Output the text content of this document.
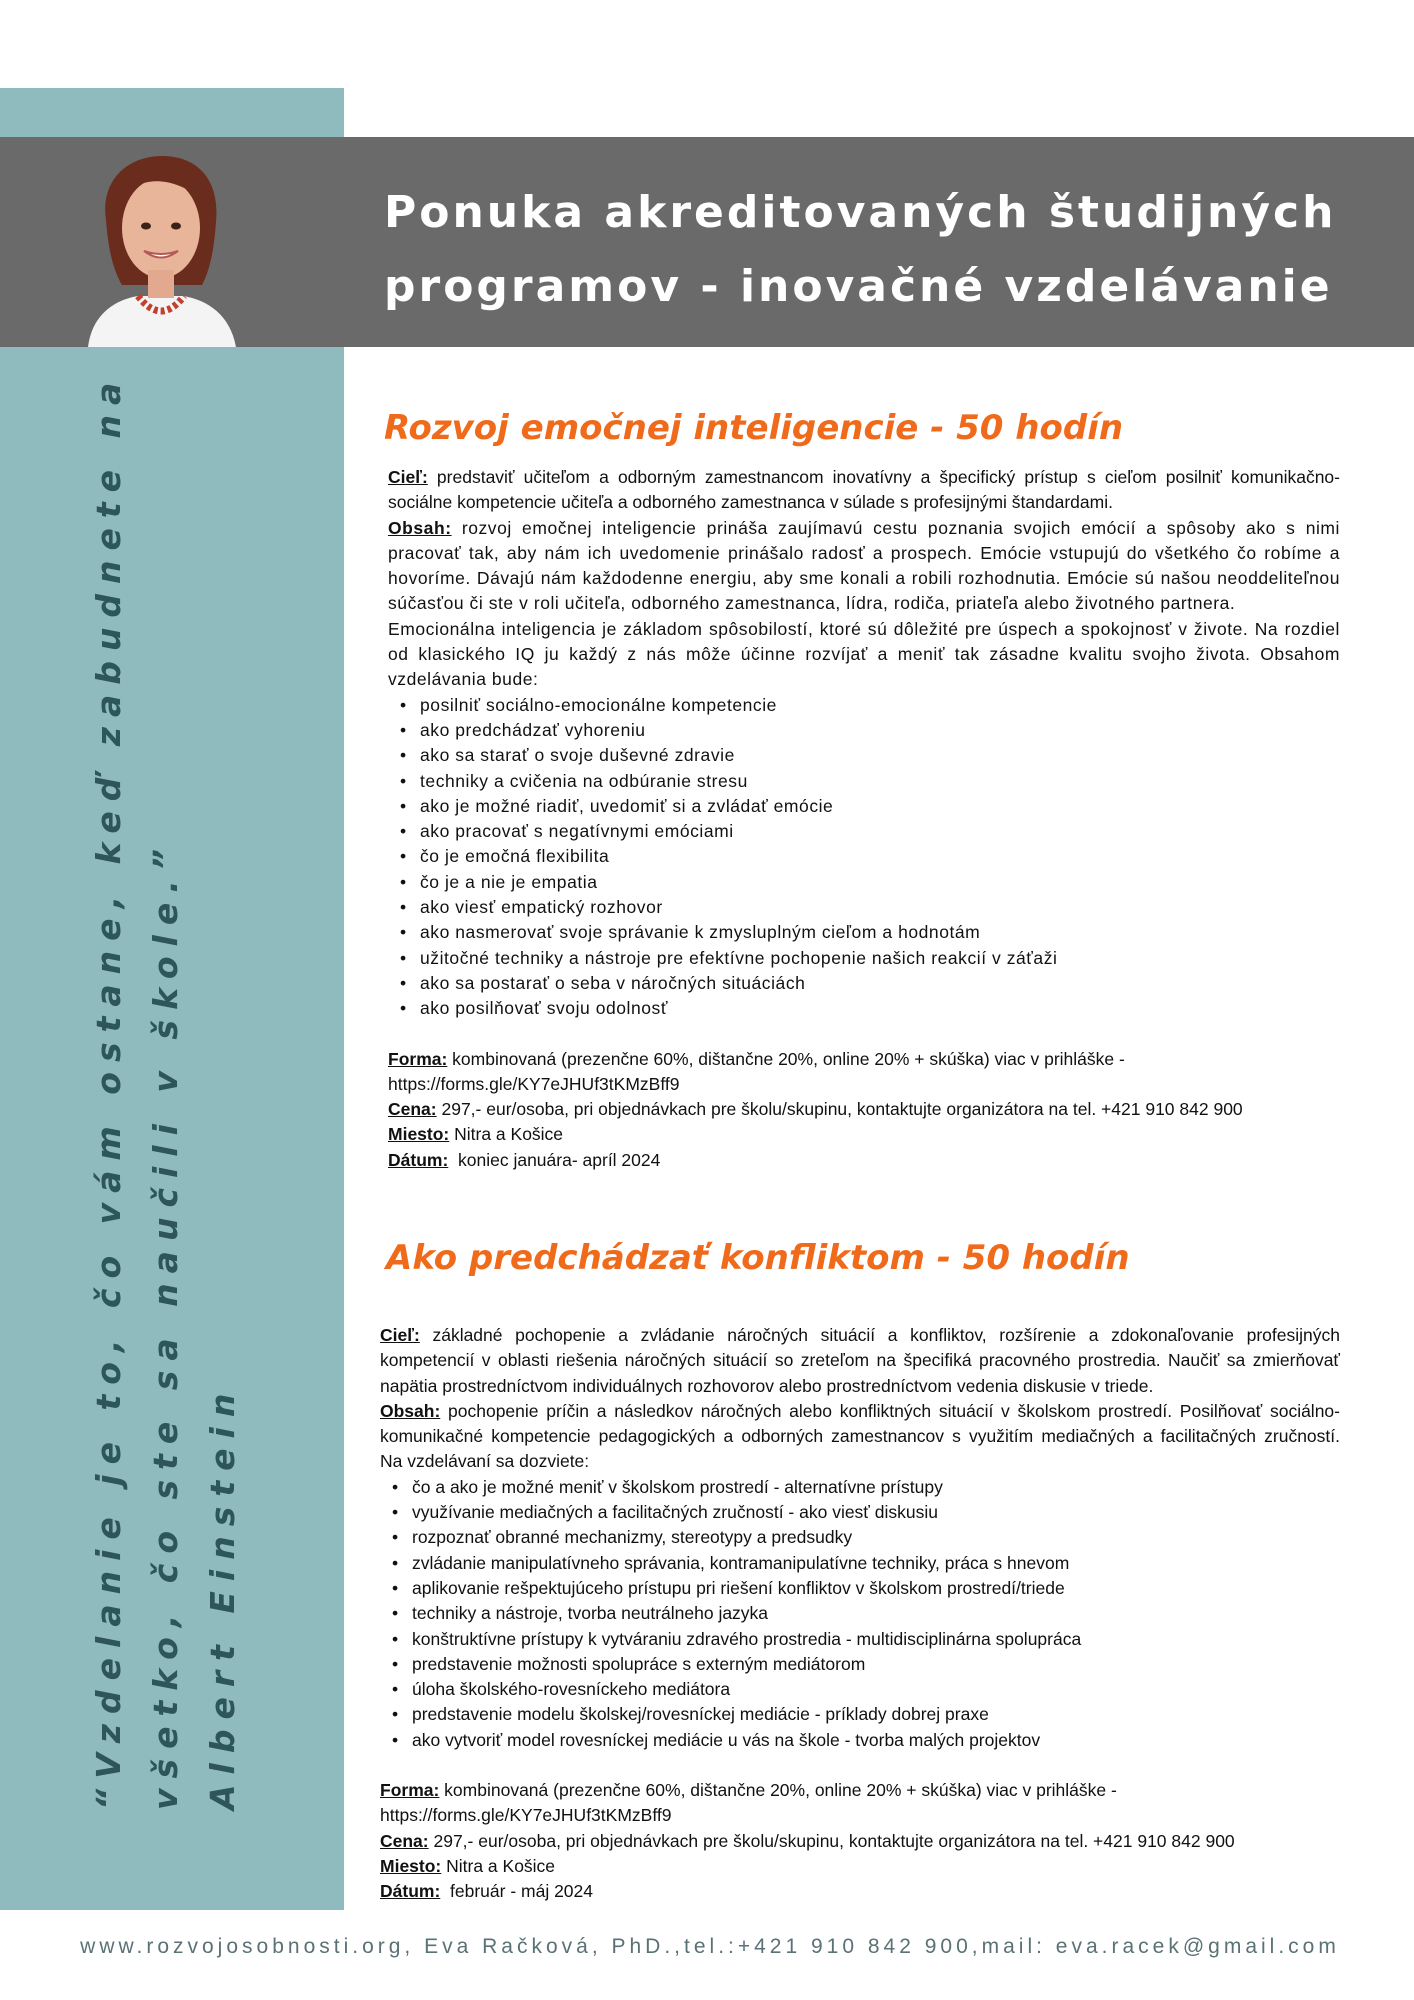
Ponuka akreditovaných študijných
programov - inovačné vzdelávanie
“Vzdelanie je to, čo vám ostane, keď zabudnete na všetko, čo ste sa naučili v škole.” Albert Einstein
Rozvoj emočnej inteligencie - 50 hodín

Cieľ: predstaviť učiteľom a odborným zamestnancom inovatívny a špecifický prístup s cieľom posilniť komunikačno-sociálne kompetencie učiteľa a odborného zamestnanca v súlade s profesijnými štandardami.

Obsah: rozvoj emočnej inteligencie prináša zaujímavú cestu poznania svojich emócií a spôsoby ako s nimi pracovať tak, aby nám ich uvedomenie prinášalo radosť a prospech. Emócie vstupujú do všetkého čo robíme a hovoríme. Dávajú nám každodenne energiu, aby sme konali a robili rozhodnutia. Emócie sú našou neoddeliteľnou súčasťou či ste v roli učiteľa, odborného zamestnanca, lídra, rodiča, priateľa alebo životného partnera.

Emocionálna inteligencia je základom spôsobilostí, ktoré sú dôležité pre úspech a spokojnosť v živote. Na rozdiel od klasického IQ ju každý z nás môže účinne rozvíjať a meniť tak zásadne kvalitu svojho života. Obsahom vzdelávania bude:

• posilniť sociálno-emocionálne kompetencie
• ako predchádzať vyhoreniu
• ako sa starať o svoje duševné zdravie
• techniky a cvičenia na odbúranie stresu
• ako je možné riadiť, uvedomiť si a zvládať emócie
• ako pracovať s negatívnymi emóciami
• čo je emočná flexibilita
• čo je a nie je empatia
• ako viesť empatický rozhovor
• ako nasmerovať svoje správanie k zmysluplným cieľom a hodnotám
• užitočné techniky a nástroje pre efektívne pochopenie našich reakcií v záťaži
• ako sa postarať o seba v náročných situáciách
• ako posilňovať svoju odolnosť

Forma: kombinovaná (prezenčne 60%, dištančne 20%, online 20% + skúška) viac v prihláške - https://forms.gle/KY7eJHUf3tKMzBff9

Cena: 297,- eur/osoba, pri objednávkach pre školu/skupinu, kontaktujte organizátora na tel. +421 910 842 900

Miesto: Nitra a Košice

Dátum:  koniec januára- apríl 2024

Ako predchádzať konfliktom - 50 hodín

Cieľ: základné pochopenie a zvládanie náročných situácií a konfliktov, rozšírenie a zdokonaľovanie profesijných kompetencií v oblasti riešenia náročných situácií so zreteľom na špecifiká pracovného prostredia. Naučiť sa zmierňovať napätia prostredníctvom individuálnych rozhovorov alebo prostredníctvom vedenia diskusie v triede.

Obsah: pochopenie príčin a následkov náročných alebo konfliktných situácií v školskom prostredí. Posilňovať sociálno-komunikačné kompetencie pedagogických a odborných zamestnancov s využitím mediačných a facilitačných zručností.   Na vzdelávaní sa dozviete:

• čo a ako je možné meniť v školskom prostredí - alternatívne prístupy
• využívanie mediačných a facilitačných zručností - ako viesť diskusiu
• rozpoznať obranné mechanizmy, stereotypy a predsudky
• zvládanie manipulatívneho správania, kontramanipulatívne techniky, práca s hnevom
• aplikovanie rešpektujúceho prístupu pri riešení konfliktov v školskom prostredí/triede
• techniky a nástroje, tvorba neutrálneho jazyka
• konštruktívne prístupy k vytváraniu zdravého prostredia - multidisciplinárna spolupráca
• predstavenie možnosti spolupráce s externým mediátorom
• úloha školského-rovesníckeho mediátora
• predstavenie modelu školskej/rovesníckej mediácie - príklady dobrej praxe
• ako vytvoriť model rovesníckej mediácie u vás na škole - tvorba malých projektov

Forma: kombinovaná (prezenčne 60%, dištančne 20%, online 20% + skúška) viac v prihláške - https://forms.gle/KY7eJHUf3tKMzBff9

Cena: 297,- eur/osoba, pri objednávkach pre školu/skupinu, kontaktujte organizátora na tel. +421 910 842 900

Miesto: Nitra a Košice

Dátum:  február - máj 2024

www.rozvojosobnosti.org, Eva Račková, PhD.,tel.:+421 910 842 900,mail: eva.racek@gmail.com
